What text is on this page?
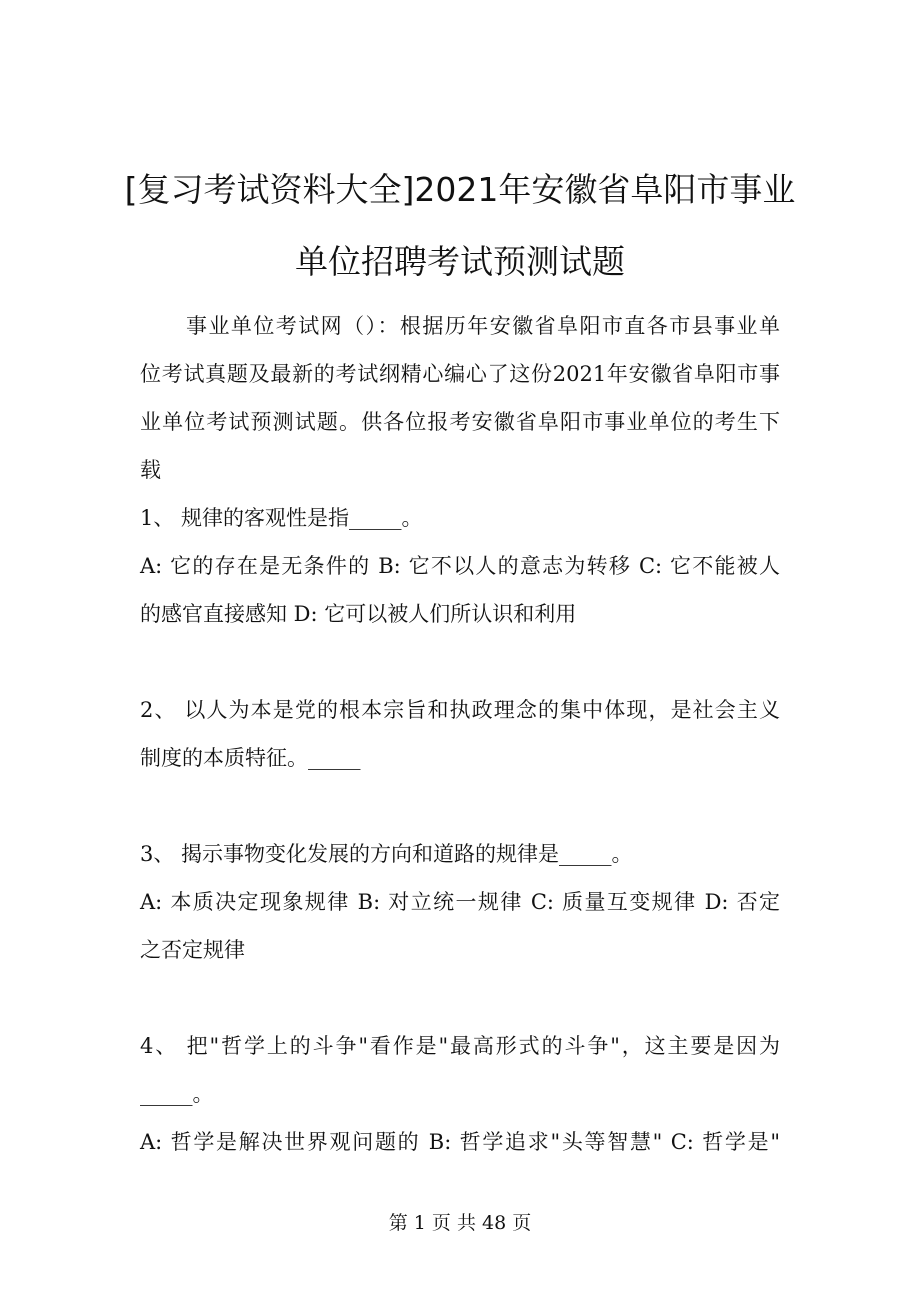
[复习考试资料大全]2021年安徽省阜阳市事业
单位招聘考试预测试题
事业单位考试网（）：根据历年安徽省阜阳市直各市县事业单
位考试真题及最新的考试纲精心编心了这份2021年安徽省阜阳市事
业单位考试预测试题。供各位报考安徽省阜阳市事业单位的考生下
载
1、 规律的客观性是指_____。
A: 它的存在是无条件的 B: 它不以人的意志为转移 C: 它不能被人
的感官直接感知 D: 它可以被人们所认识和利用
2、 以人为本是党的根本宗旨和执政理念的集中体现，是社会主义
制度的本质特征。_____
3、 揭示事物变化发展的方向和道路的规律是_____。
A: 本质决定现象规律 B: 对立统一规律 C: 质量互变规律 D: 否定
之否定规律
4、 把"哲学上的斗争"看作是"最高形式的斗争"，这主要是因为
_____。
A: 哲学是解决世界观问题的 B: 哲学追求"头等智慧" C: 哲学是"
第 1 页 共 48 页
